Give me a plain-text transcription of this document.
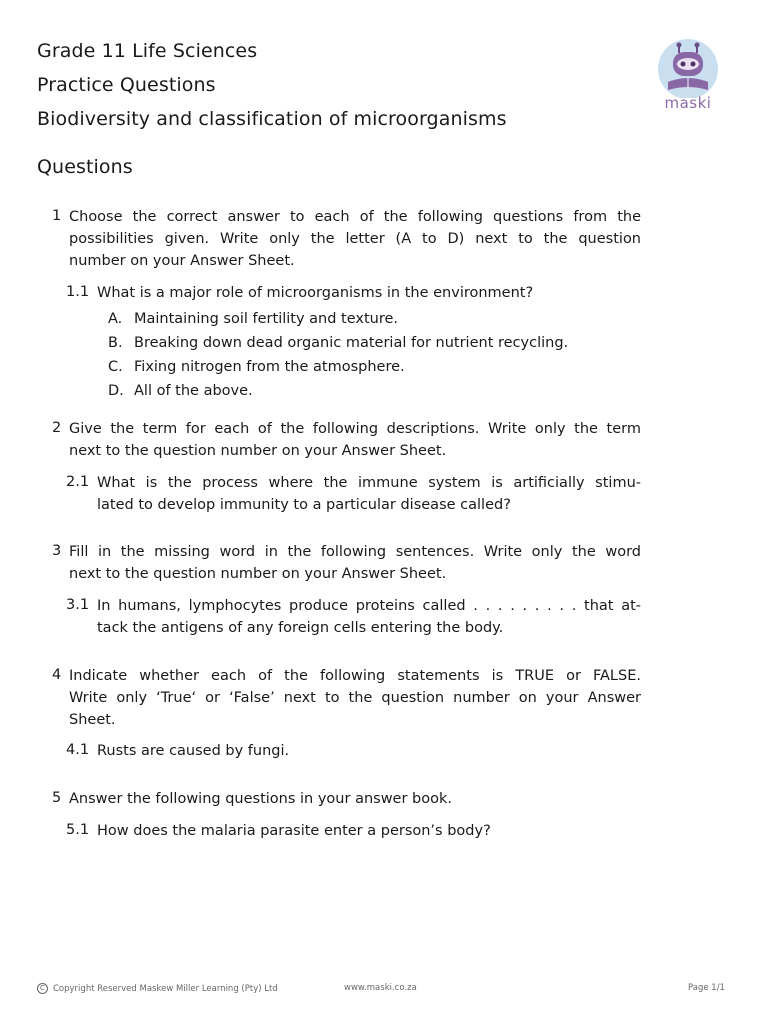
Grade 11 Life Sciences
Practice Questions
Biodiversity and classification of microorganisms
Questions
maski
1 Choose the correct answer to each of the following questions from the
possibilities given. Write only the letter (A to D) next to the question
number on your Answer Sheet.
1.1 What is a major role of microorganisms in the environment?
A. Maintaining soil fertility and texture.
B. Breaking down dead organic material for nutrient recycling.
C. Fixing nitrogen from the atmosphere.
D. All of the above.
2 Give the term for each of the following descriptions. Write only the term
next to the question number on your Answer Sheet.
2.1 What is the process where the immune system is artificially stimu-
lated to develop immunity to a particular disease called?
3 Fill in the missing word in the following sentences. Write only the word
next to the question number on your Answer Sheet.
3.1 In humans, lymphocytes produce proteins called . . . . . . . . . that at-
tack the antigens of any foreign cells entering the body.
4 Indicate whether each of the following statements is TRUE or FALSE.
Write only ‘True‘ or ‘False’ next to the question number on your Answer
Sheet.
4.1 Rusts are caused by fungi.
5 Answer the following questions in your answer book.
5.1 How does the malaria parasite enter a person’s body?
C Copyright Reserved Maskew Miller Learning (Pty) Ltd	www.maski.co.za	Page 1/1
